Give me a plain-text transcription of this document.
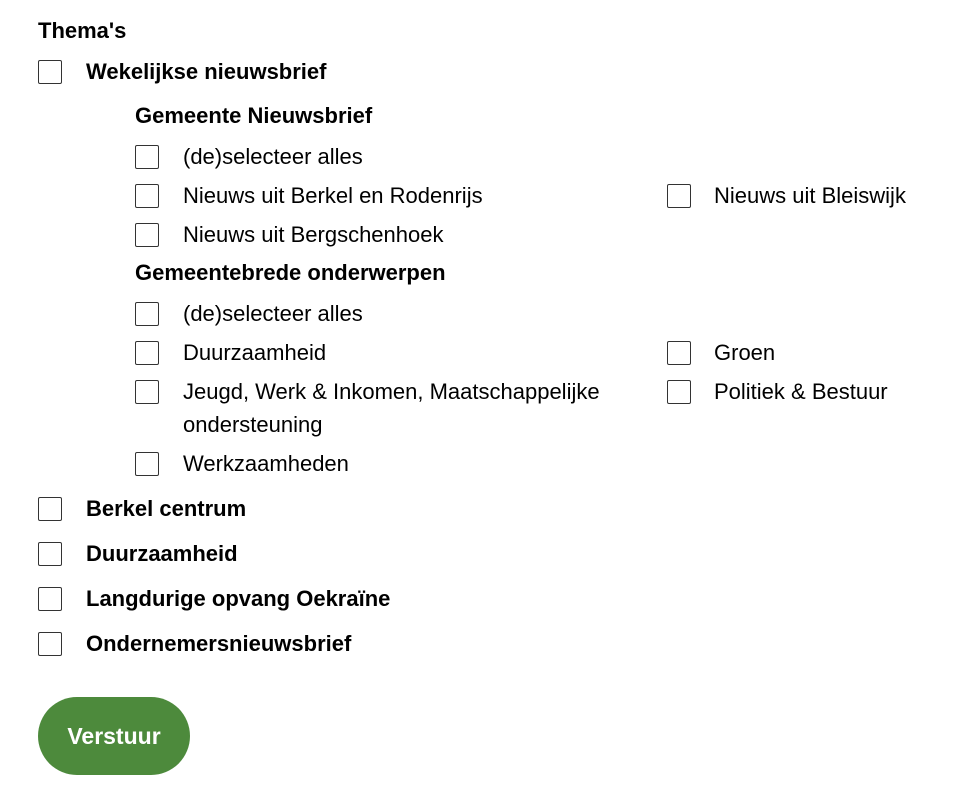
Thema's
Wekelijkse nieuwsbrief
Gemeente Nieuwsbrief
(de)selecteer alles
Nieuws uit Berkel en Rodenrijs	Nieuws uit Bleiswijk
Nieuws uit Bergschenhoek
Gemeentebrede onderwerpen
(de)selecteer alles
Duurzaamheid	Groen
Jeugd, Werk & Inkomen, Maatschappelijke ondersteuning
Politiek & Bestuur
Werkzaamheden
Berkel centrum
Duurzaamheid
Langdurige opvang Oekraïne
Ondernemersnieuwsbrief
Verstuur
